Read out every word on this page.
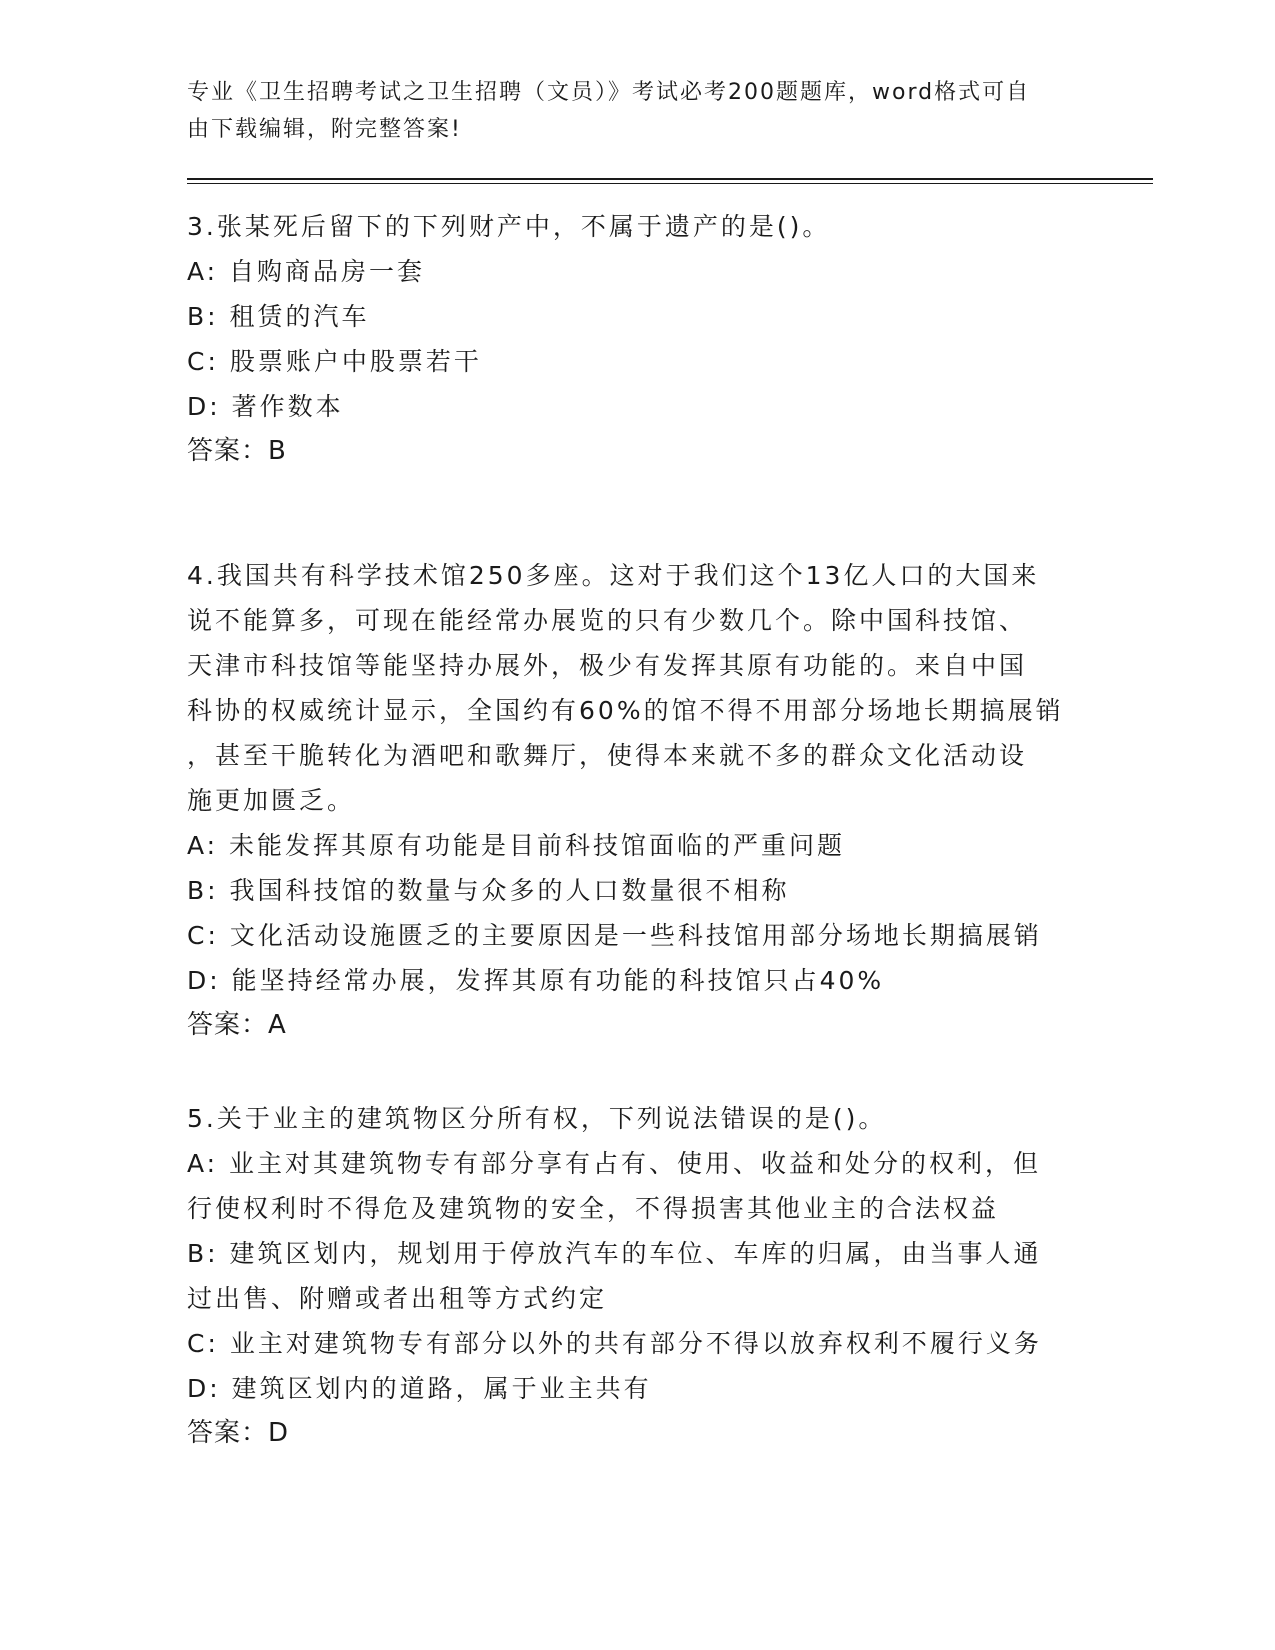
专业《卫生招聘考试之卫生招聘（文员）》考试必考200题题库，word格式可自
由下载编辑，附完整答案!
3.张某死后留下的下列财产中，不属于遗产的是()。
A: 自购商品房一套
B: 租赁的汽车
C: 股票账户中股票若干
D: 著作数本
答案：B
4.我国共有科学技术馆250多座。这对于我们这个13亿人口的大国来
说不能算多，可现在能经常办展览的只有少数几个。除中国科技馆、
天津市科技馆等能坚持办展外，极少有发挥其原有功能的。来自中国
科协的权威统计显示，全国约有60%的馆不得不用部分场地长期搞展销
，甚至干脆转化为酒吧和歌舞厅，使得本来就不多的群众文化活动设
施更加匮乏。
A: 未能发挥其原有功能是目前科技馆面临的严重问题
B: 我国科技馆的数量与众多的人口数量很不相称
C: 文化活动设施匮乏的主要原因是一些科技馆用部分场地长期搞展销
D: 能坚持经常办展，发挥其原有功能的科技馆只占40%
答案：A
5.关于业主的建筑物区分所有权，下列说法错误的是()。
A: 业主对其建筑物专有部分享有占有、使用、收益和处分的权利，但
行使权利时不得危及建筑物的安全，不得损害其他业主的合法权益
B: 建筑区划内，规划用于停放汽车的车位、车库的归属，由当事人通
过出售、附赠或者出租等方式约定
C: 业主对建筑物专有部分以外的共有部分不得以放弃权利不履行义务
D: 建筑区划内的道路，属于业主共有
答案：D
